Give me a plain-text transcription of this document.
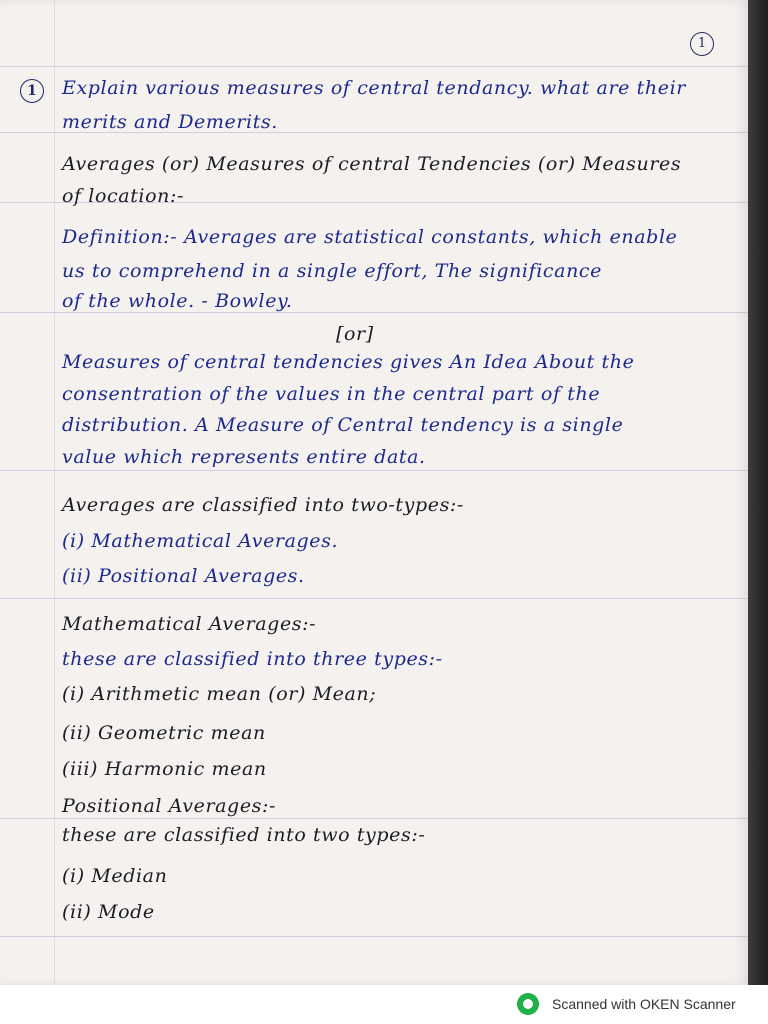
1
1	Explain various measures of central tendancy. what are their
merits and Demerits.
Averages (or) Measures of central Tendencies (or) Measures
of location:-
Definition:- Averages are statistical constants, which enable
us to comprehend in a single effort, The significance
of the whole. - Bowley.
[or]
Measures of central tendencies gives An Idea About the
consentration of the values in the central part of the
distribution. A Measure of Central tendency is a single
value which represents entire data.
Averages are classified into two-types:-
(i) Mathematical Averages.
(ii) Positional Averages.
Mathematical Averages:-
these are classified into three types:-
(i) Arithmetic mean (or) Mean;
(ii) Geometric mean
(iii) Harmonic mean
Positional Averages:-
these are classified into two types:-
(i) Median
(ii) Mode
Scanned with OKEN Scanner
